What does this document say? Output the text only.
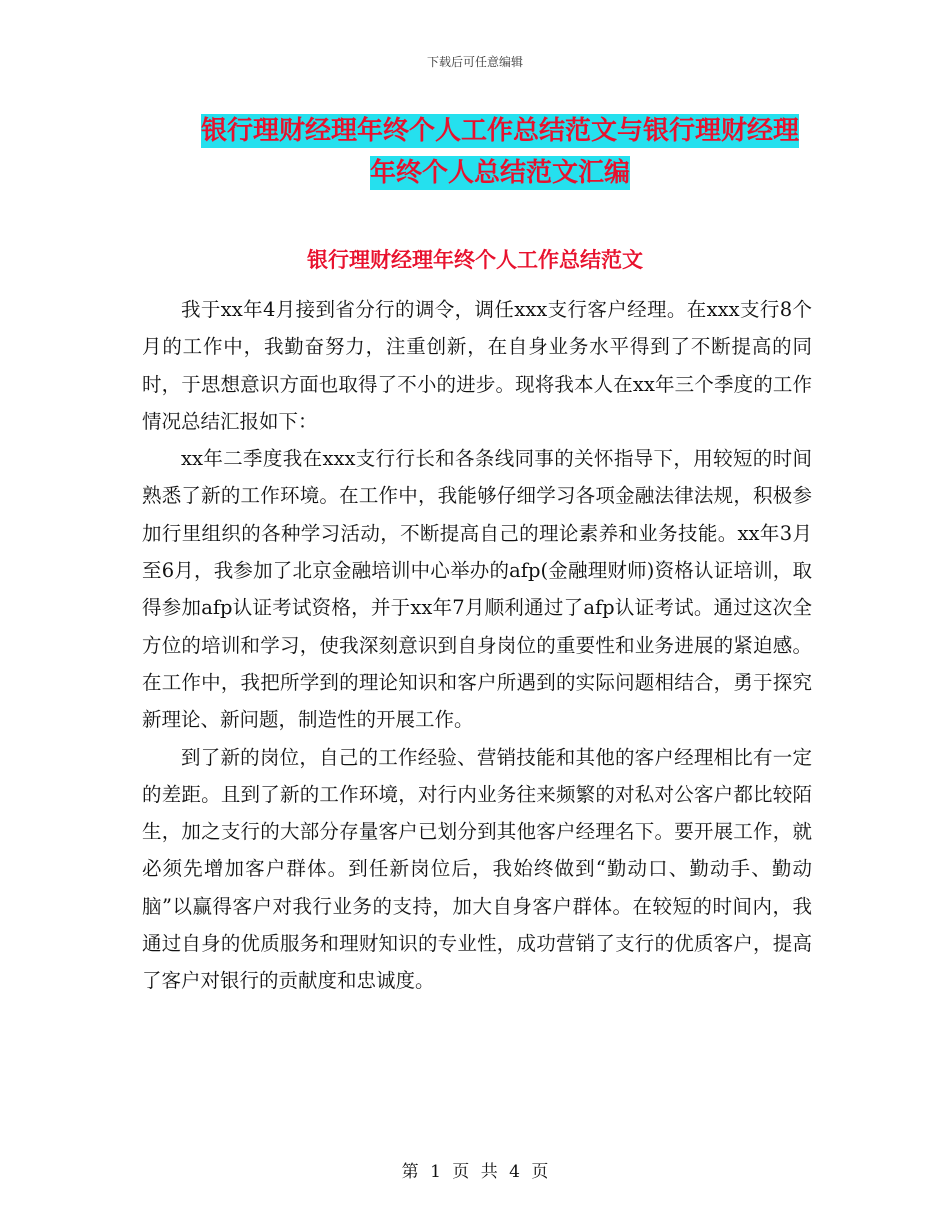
下载后可任意编辑
银行理财经理年终个人工作总结范文与银行理财经理
年终个人总结范文汇编
银行理财经理年终个人工作总结范文

我于xx年4月接到省分行的调令，调任xxx支行客户经理。在xxx支行8个月的工作中，我勤奋努力，注重创新，在自身业务水平得到了不断提高的同时，于思想意识方面也取得了不小的进步。现将我本人在xx年三个季度的工作情况总结汇报如下：

xx年二季度我在xxx支行行长和各条线同事的关怀指导下，用较短的时间熟悉了新的工作环境。在工作中，我能够仔细学习各项金融法律法规，积极参加行里组织的各种学习活动，不断提高自己的理论素养和业务技能。xx年3月至6月，我参加了北京金融培训中心举办的afp(金融理财师)资格认证培训，取得参加afp认证考试资格，并于xx年7月顺利通过了afp认证考试。通过这次全方位的培训和学习，使我深刻意识到自身岗位的重要性和业务进展的紧迫感。在工作中，我把所学到的理论知识和客户所遇到的实际问题相结合，勇于探究新理论、新问题，制造性的开展工作。

到了新的岗位，自己的工作经验、营销技能和其他的客户经理相比有一定的差距。且到了新的工作环境，对行内业务往来频繁的对私对公客户都比较陌生，加之支行的大部分存量客户已划分到其他客户经理名下。要开展工作，就必须先增加客户群体。到任新岗位后，我始终做到“勤动口、勤动手、勤动脑”以赢得客户对我行业务的支持，加大自身客户群体。在较短的时间内，我通过自身的优质服务和理财知识的专业性，成功营销了支行的优质客户，提高了客户对银行的贡献度和忠诚度。

第 1 页 共 4 页
